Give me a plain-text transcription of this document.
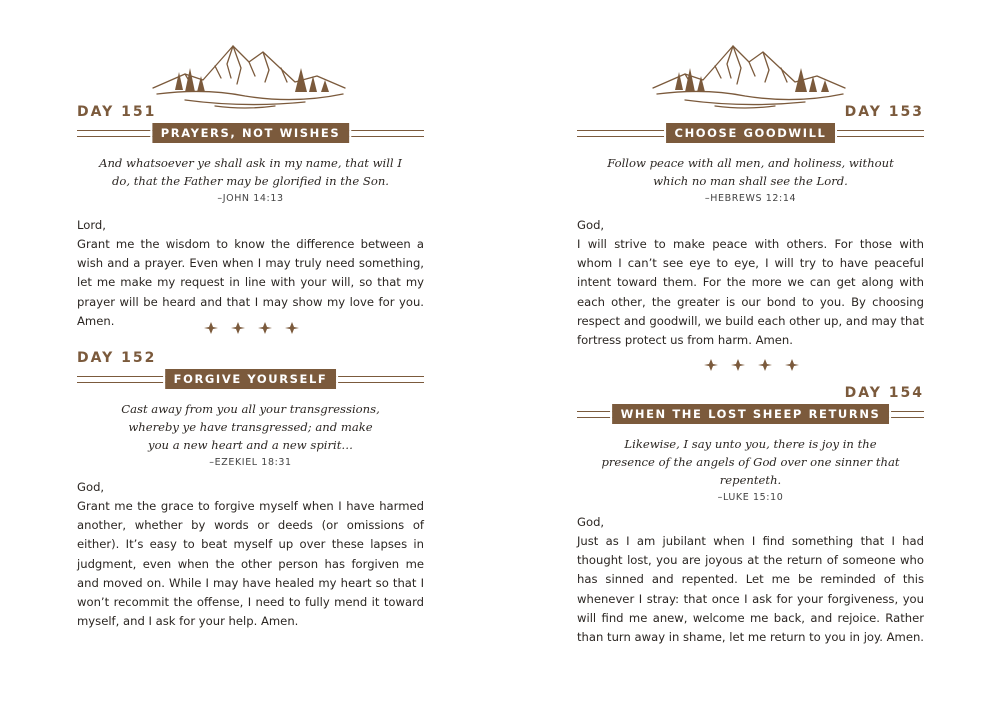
DAY 151
PRAYERS, NOT WISHES
And whatsoever ye shall ask in my name, that will I do, that the Father may be glorified in the Son.
–JOHN 14:13
Lord,
Grant me the wisdom to know the difference between a wish and a prayer. Even when I may truly need something, let me make my request in line with your will, so that my prayer will be heard and that I may show my love for you. Amen.
DAY 152
FORGIVE YOURSELF
Cast away from you all your transgressions, whereby ye have transgressed; and make you a new heart and a new spirit…
–EZEKIEL 18:31
God,
Grant me the grace to forgive myself when I have harmed another, whether by words or deeds (or omissions of either). It’s easy to beat myself up over these lapses in judgment, even when the other person has forgiven me and moved on. While I may have healed my heart so that I won’t recommit the offense, I need to fully mend it toward myself, and I ask for your help. Amen.
DAY 153
CHOOSE GOODWILL
Follow peace with all men, and holiness, without which no man shall see the Lord.
–HEBREWS 12:14
God,
I will strive to make peace with others. For those with whom I can’t see eye to eye, I will try to have peaceful intent toward them. For the more we can get along with each other, the greater is our bond to you. By choosing respect and goodwill, we build each other up, and may that fortress protect us from harm. Amen.
DAY 154
WHEN THE LOST SHEEP RETURNS
Likewise, I say unto you, there is joy in the presence of the angels of God over one sinner that repenteth.
–LUKE 15:10
God,
Just as I am jubilant when I find something that I had thought lost, you are joyous at the return of someone who has sinned and repented. Let me be reminded of this whenever I stray: that once I ask for your forgiveness, you will find me anew, welcome me back, and rejoice. Rather than turn away in shame, let me return to you in joy. Amen.
